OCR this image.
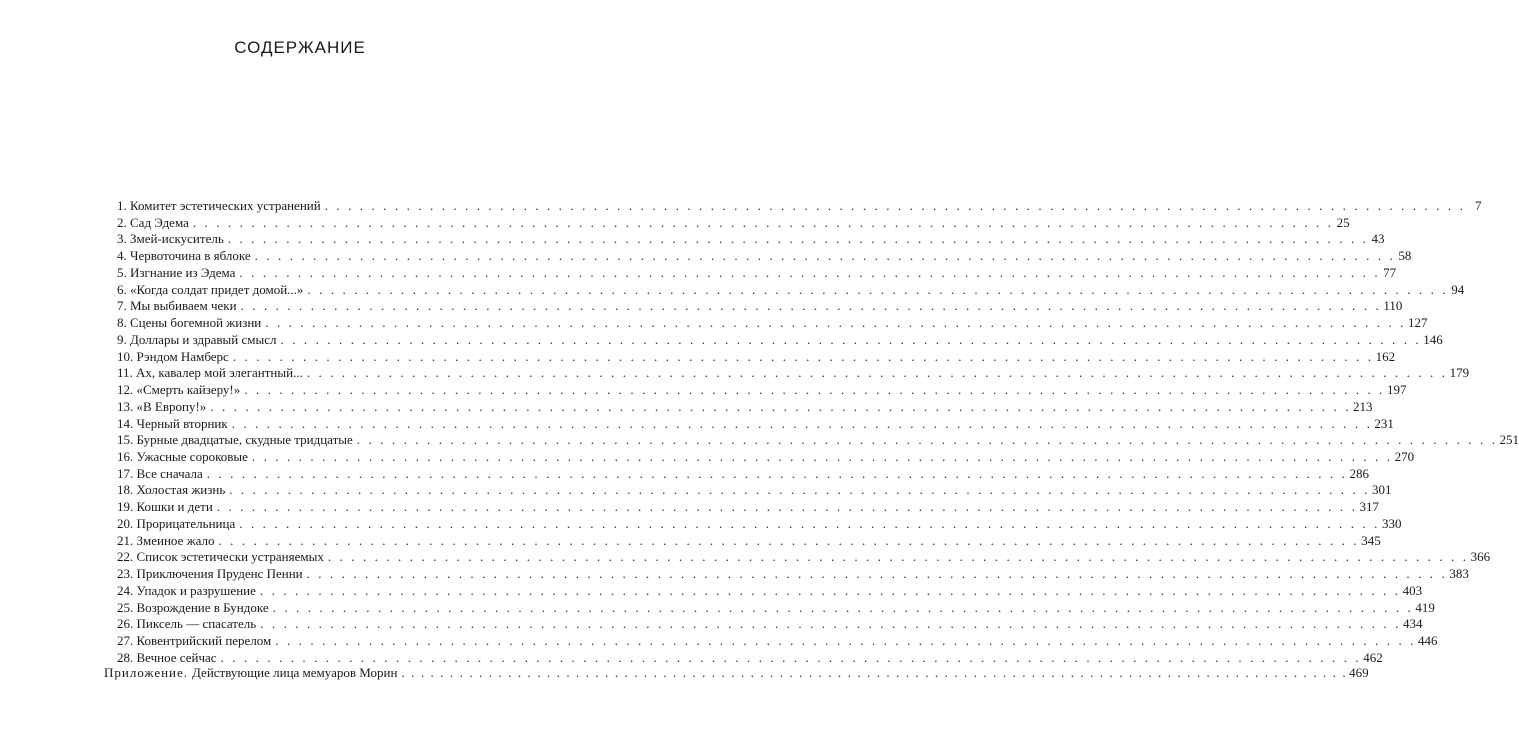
СОДЕРЖАНИЕ
1. Комитет эстетических устранений . . . . . . . . . . . . . . . . . . . . . . . . . . . . . . . . . . . . . . . . . . . . . . . . . . . . . . . . . . . . . . . . . . . . . . . . . . . . . . . . . . . . . . . . . . . . . . . . . . 7
2. Сад Эдема . . . . . . . . . . . . . . . . . . . . . . . . . . . . . . . . . . . . . . . . . . . . . . . . . . . . . . . . . . . . . . . . . . . . . . . . . . . . . . . . . . . . . . . . . . . . . . . . . . 25
3. Змей-искуситель . . . . . . . . . . . . . . . . . . . . . . . . . . . . . . . . . . . . . . . . . . . . . . . . . . . . . . . . . . . . . . . . . . . . . . . . . . . . . . . . . . . . . . . . . . . . . . . . . . 43
4. Червоточина в яблоке . . . . . . . . . . . . . . . . . . . . . . . . . . . . . . . . . . . . . . . . . . . . . . . . . . . . . . . . . . . . . . . . . . . . . . . . . . . . . . . . . . . . . . . . . . . . . . . . . . 58
5. Изгнание из Эдема . . . . . . . . . . . . . . . . . . . . . . . . . . . . . . . . . . . . . . . . . . . . . . . . . . . . . . . . . . . . . . . . . . . . . . . . . . . . . . . . . . . . . . . . . . . . . . . . . . 77
6. «Когда солдат придет домой...» . . . . . . . . . . . . . . . . . . . . . . . . . . . . . . . . . . . . . . . . . . . . . . . . . . . . . . . . . . . . . . . . . . . . . . . . . . . . . . . . . . . . . . . . . . . . . . . . . . 94
7. Мы выбиваем чеки . . . . . . . . . . . . . . . . . . . . . . . . . . . . . . . . . . . . . . . . . . . . . . . . . . . . . . . . . . . . . . . . . . . . . . . . . . . . . . . . . . . . . . . . . . . . . . . . . . 110
8. Сцены богемной жизни . . . . . . . . . . . . . . . . . . . . . . . . . . . . . . . . . . . . . . . . . . . . . . . . . . . . . . . . . . . . . . . . . . . . . . . . . . . . . . . . . . . . . . . . . . . . . . . . . . 127
9. Доллары и здравый смысл . . . . . . . . . . . . . . . . . . . . . . . . . . . . . . . . . . . . . . . . . . . . . . . . . . . . . . . . . . . . . . . . . . . . . . . . . . . . . . . . . . . . . . . . . . . . . . . . . . 146
10. Рэндом Намберс . . . . . . . . . . . . . . . . . . . . . . . . . . . . . . . . . . . . . . . . . . . . . . . . . . . . . . . . . . . . . . . . . . . . . . . . . . . . . . . . . . . . . . . . . . . . . . . . . . 162
11. Ах, кавалер мой элегантный... . . . . . . . . . . . . . . . . . . . . . . . . . . . . . . . . . . . . . . . . . . . . . . . . . . . . . . . . . . . . . . . . . . . . . . . . . . . . . . . . . . . . . . . . . . . . . . . . . . 179
12. «Смерть кайзеру!» . . . . . . . . . . . . . . . . . . . . . . . . . . . . . . . . . . . . . . . . . . . . . . . . . . . . . . . . . . . . . . . . . . . . . . . . . . . . . . . . . . . . . . . . . . . . . . . . . . 197
13. «В Европу!» . . . . . . . . . . . . . . . . . . . . . . . . . . . . . . . . . . . . . . . . . . . . . . . . . . . . . . . . . . . . . . . . . . . . . . . . . . . . . . . . . . . . . . . . . . . . . . . . . . 213
14. Черный вторник . . . . . . . . . . . . . . . . . . . . . . . . . . . . . . . . . . . . . . . . . . . . . . . . . . . . . . . . . . . . . . . . . . . . . . . . . . . . . . . . . . . . . . . . . . . . . . . . . . 231
15. Бурные двадцатые, скудные тридцатые . . . . . . . . . . . . . . . . . . . . . . . . . . . . . . . . . . . . . . . . . . . . . . . . . . . . . . . . . . . . . . . . . . . . . . . . . . . . . . . . . . . . . . . . . . . . . . . . . . 251
16. Ужасные сороковые . . . . . . . . . . . . . . . . . . . . . . . . . . . . . . . . . . . . . . . . . . . . . . . . . . . . . . . . . . . . . . . . . . . . . . . . . . . . . . . . . . . . . . . . . . . . . . . . . . 270
17. Все сначала . . . . . . . . . . . . . . . . . . . . . . . . . . . . . . . . . . . . . . . . . . . . . . . . . . . . . . . . . . . . . . . . . . . . . . . . . . . . . . . . . . . . . . . . . . . . . . . . . . 286
18. Холостая жизнь . . . . . . . . . . . . . . . . . . . . . . . . . . . . . . . . . . . . . . . . . . . . . . . . . . . . . . . . . . . . . . . . . . . . . . . . . . . . . . . . . . . . . . . . . . . . . . . . . . 301
19. Кошки и дети . . . . . . . . . . . . . . . . . . . . . . . . . . . . . . . . . . . . . . . . . . . . . . . . . . . . . . . . . . . . . . . . . . . . . . . . . . . . . . . . . . . . . . . . . . . . . . . . . . 317
20. Прорицательница . . . . . . . . . . . . . . . . . . . . . . . . . . . . . . . . . . . . . . . . . . . . . . . . . . . . . . . . . . . . . . . . . . . . . . . . . . . . . . . . . . . . . . . . . . . . . . . . . . 330
21. Змеиное жало . . . . . . . . . . . . . . . . . . . . . . . . . . . . . . . . . . . . . . . . . . . . . . . . . . . . . . . . . . . . . . . . . . . . . . . . . . . . . . . . . . . . . . . . . . . . . . . . . . 345
22. Список эстетически устраняемых . . . . . . . . . . . . . . . . . . . . . . . . . . . . . . . . . . . . . . . . . . . . . . . . . . . . . . . . . . . . . . . . . . . . . . . . . . . . . . . . . . . . . . . . . . . . . . . . . . 366
23. Приключения Пруденс Пенни . . . . . . . . . . . . . . . . . . . . . . . . . . . . . . . . . . . . . . . . . . . . . . . . . . . . . . . . . . . . . . . . . . . . . . . . . . . . . . . . . . . . . . . . . . . . . . . . . . 383
24. Упадок и разрушение . . . . . . . . . . . . . . . . . . . . . . . . . . . . . . . . . . . . . . . . . . . . . . . . . . . . . . . . . . . . . . . . . . . . . . . . . . . . . . . . . . . . . . . . . . . . . . . . . . 403
25. Возрождение в Бундоке . . . . . . . . . . . . . . . . . . . . . . . . . . . . . . . . . . . . . . . . . . . . . . . . . . . . . . . . . . . . . . . . . . . . . . . . . . . . . . . . . . . . . . . . . . . . . . . . . . 419
26. Пиксель — спасатель . . . . . . . . . . . . . . . . . . . . . . . . . . . . . . . . . . . . . . . . . . . . . . . . . . . . . . . . . . . . . . . . . . . . . . . . . . . . . . . . . . . . . . . . . . . . . . . . . . 434
27. Ковентрийский перелом . . . . . . . . . . . . . . . . . . . . . . . . . . . . . . . . . . . . . . . . . . . . . . . . . . . . . . . . . . . . . . . . . . . . . . . . . . . . . . . . . . . . . . . . . . . . . . . . . . 446
28. Вечное сейчас . . . . . . . . . . . . . . . . . . . . . . . . . . . . . . . . . . . . . . . . . . . . . . . . . . . . . . . . . . . . . . . . . . . . . . . . . . . . . . . . . . . . . . . . . . . . . . . . . . 462
Приложение. Действующие лица мемуаров Морин . . . . . . . . . . . . . . . . . . . . . . . . . . . . . . . . . . . . . . . . . . . . . . . . . . . . . . . . . . . . . . . . . . . . . . . . . . . . . . . . . . . . . . . . . . . . . . . . . . 469
